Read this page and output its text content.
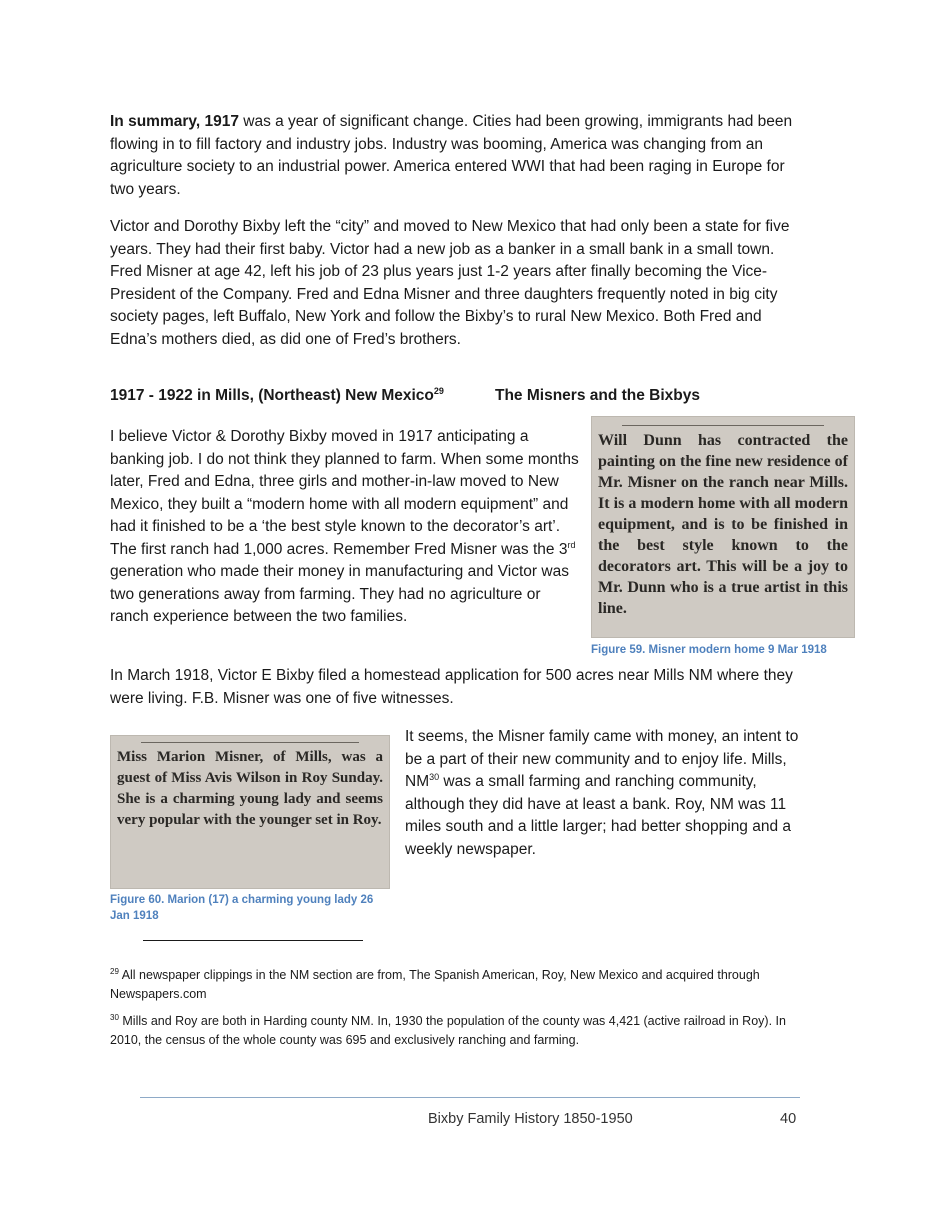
In summary, 1917 was a year of significant change. Cities had been growing, immigrants had been flowing in to fill factory and industry jobs. Industry was booming, America was changing from an agriculture society to an industrial power. America entered WWI that had been raging in Europe for two years.

Victor and Dorothy Bixby left the “city” and moved to New Mexico that had only been a state for five years. They had their first baby. Victor had a new job as a banker in a small bank in a small town. Fred Misner at age 42, left his job of 23 plus years just 1-2 years after finally becoming the Vice-President of the Company. Fred and Edna Misner and three daughters frequently noted in big city society pages, left Buffalo, New York and follow the Bixby’s to rural New Mexico. Both Fred and Edna’s mothers died, as did one of Fred’s brothers.

1917 - 1922 in Mills, (Northeast) New Mexico$^{29}$	The Misners and the Bixbys

I believe Victor & Dorothy Bixby moved in 1917 anticipating a banking job. I do not think they planned to farm. When some months later, Fred and Edna, three girls and mother-in-law moved to New Mexico, they built a “modern home with all modern equipment” and had it finished to be a ‘the best style known to the decorator’s art’. The first ranch had 1,000 acres. Remember Fred Misner was the 3rd generation who made their money in manufacturing and Victor was two generations away from farming. They had no agriculture or ranch experience between the two families.

Will Dunn has contracted the painting on the fine new residence of Mr. Misner on the ranch near Mills. It is a modern home with all modern equipment, and is to be finished in the best style known to the decorators art. This will be a joy to Mr. Dunn who is a true artist in this line.

Figure 59. Misner modern home 9 Mar 1918

In March 1918, Victor E Bixby filed a homestead application for 500 acres near Mills NM where they were living. F.B. Misner was one of five witnesses.

Miss Marion Misner, of Mills, was a guest of Miss Avis Wilson in Roy Sunday. She is a charming young lady and seems very popular with the younger set in Roy.

Figure 60. Marion (17) a charming young lady 26 Jan 1918

It seems, the Misner family came with money, an intent to be a part of their new community and to enjoy life. Mills, NM$^{30}$ was a small farming and ranching community, although they did have at least a bank. Roy, NM was 11 miles south and a little larger; had better shopping and a weekly newspaper.

$^{29}$ All newspaper clippings in the NM section are from, The Spanish American, Roy, New Mexico and acquired through Newspapers.com

$^{30}$ Mills and Roy are both in Harding county NM. In, 1930 the population of the county was 4,421 (active railroad in Roy). In 2010, the census of the whole county was 695 and exclusively ranching and farming.

Bixby Family History 1850-1950	40
